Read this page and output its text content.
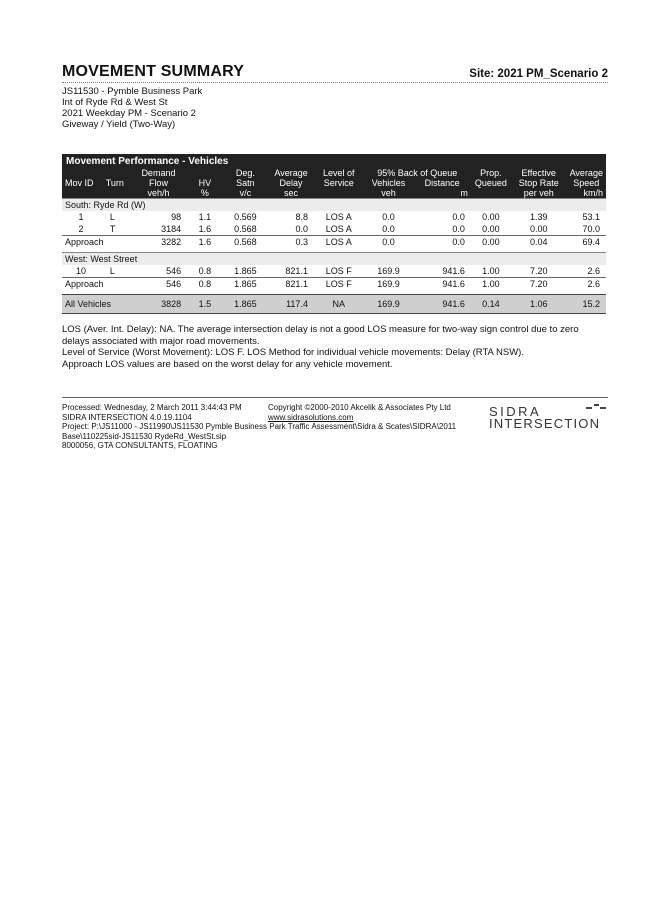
MOVEMENT SUMMARY	Site: 2021 PM_Scenario 2
JS11530 - Pymble Business Park
Int of Ryde Rd & West St
2021 Weekday PM - Scenario 2
Giveway / Yield (Two-Way)
Movement Performance - Vehicles											
		Demand		Deg.	Average	Level of	95% Back of Queue		Prop.	Effective	Average
Mov ID	Turn	Flow	HV	Satn	Delay	Service	Vehicles	Distance	Queued	Stop Rate	Speed
		veh/h	%	v/c	sec		veh	m		per veh	km/h
South: Ryde Rd (W)											
1	L	98	1.1	0.569	8.8	LOS A	0.0	0.0	0.00	1.39	53.1
2	T	3184	1.6	0.568	0.0	LOS A	0.0	0.0	0.00	0.00	70.0
Approach		3282	1.6	0.568	0.3	LOS A	0.0	0.0	0.00	0.04	69.4

West: West Street											
10	L	546	0.8	1.865	821.1	LOS F	169.9	941.6	1.00	7.20	2.6
Approach		546	0.8	1.865	821.1	LOS F	169.9	941.6	1.00	7.20	2.6

All Vehicles		3828	1.5	1.865	117.4	NA	169.9	941.6	0.14	1.06	15.2
LOS (Aver. Int. Delay): NA. The average intersection delay is not a good LOS measure for two-way sign control due to zero delays associated with major road movements.
Level of Service (Worst Movement): LOS F. LOS Method for individual vehicle movements: Delay (RTA NSW).
Approach LOS values are based on the worst delay for any vehicle movement.
Processed: Wednesday, 2 March 2011 3:44:43 PM
SIDRA INTERSECTION 4.0.19.1104
Project: P:\JS11000 - JS11990\JS11530 Pymble Business Park Traffic Assessment\Sidra & Scates\SIDRA\2011
Base\110225sid-JS11530 RydeRd_WestSt.sip
8000056, GTA CONSULTANTS, FLOATING
Copyright ©2000-2010 Akcelik & Associates Pty Ltd
www.sidrasolutions.com	SIDRA
INTERSECTION
